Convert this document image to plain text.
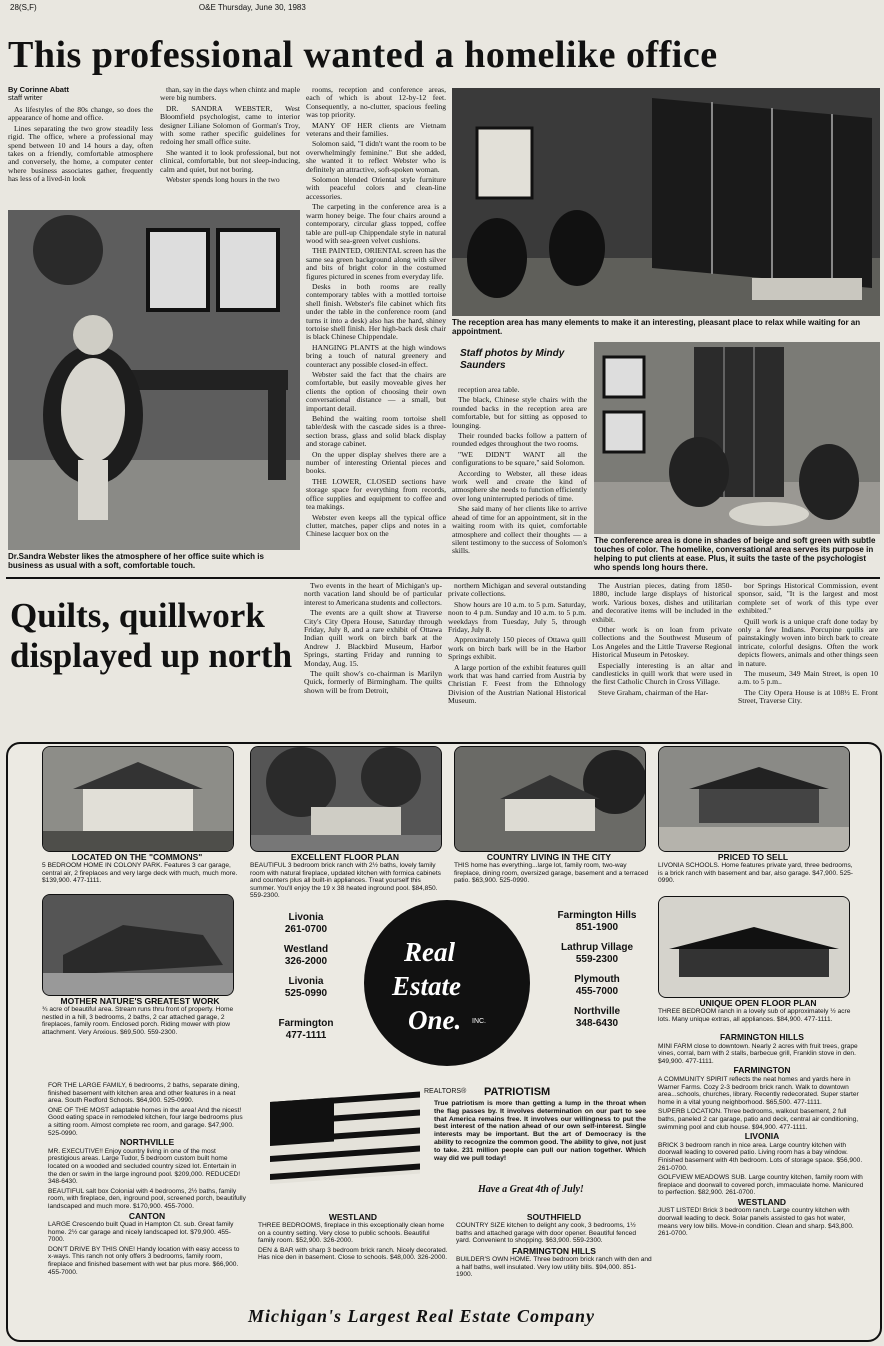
28(S,F)	O&E Thursday, June 30, 1983
This professional wanted a homelike office
By Corinne Abatt
staff writer

As lifestyles of the 80s change, so does the appearance of home and office.

Lines separating the two grow steadily less rigid. The office, where a professional may spend between 10 and 14 hours a day, often takes on a friendly, comfortable atmosphere and conversely, the home, a computer center where business associates gather, frequently has less of a lived-in look

than, say in the days when chintz and maple were big numbers.

DR. SANDRA WEBSTER, West Bloomfield psychologist, came to interior designer Liliane Solomon of Gorman's Troy, with some rather specific guidelines for redoing her small office suite.

She wanted it to look professional, but not clinical, comfortable, but not sleep-inducing, calm and quiet, but not boring.

Webster spends long hours in the two

rooms, reception and conference areas, each of which is about 12-by-12 feet. Consequently, a no-clutter, spacious feeling was top priority.

MANY OF HER clients are Vietnam veterans and their families.

Solomon said, "I didn't want the room to be overwhelmingly feminine." But she added, she wanted it to reflect Webster who is definitely an attractive, soft-spoken woman.

Solomon blended Oriental style furniture with peaceful colors and clean-line accessories.

The carpeting in the conference area is a warm honey beige. The four chairs around a contemporary, circular glass topped, coffee table are pull-up Chippendale style in natural wood with sea-green velvet cushions.

THE PAINTED, ORIENTAL screen has the same sea green background along with silver and bits of bright color in the costumed figures pictured in scenes from everyday life.

Desks in both rooms are really contemporary tables with a mottled tortoise shell finish. Webster's file cabinet which fits under the table in the conference room (and turns it into a desk) also has the hard, shiney tortoise shell finish. Her high-back desk chair is black Chinese Chippendale.

HANGING PLANTS at the high windows bring a touch of natural greenery and counteract any possible closed-in effect.

Webster said the fact that the chairs are comfortable, but easily moveable gives her clients the option of choosing their own conversational distance — a small, but important detail.

Behind the waiting room tortoise shell table/desk with the cascade sides is a three-section brass, glass and solid black display and storage cabinet.

On the upper display shelves there are a number of interesting Oriental pieces and books.

THE LOWER, CLOSED sections have storage space for everything from records, office supplies and equipment to coffee and tea makings.

Webster even keeps all the typical office clutter, matches, paper clips and notes in a Chinese lacquer box on the

reception area table.

The black, Chinese style chairs with the rounded backs in the reception area are comfortable, but for sitting as opposed to lounging.

Their rounded backs follow a pattern of rounded edges throughout the two rooms.

"WE DIDN'T WANT all the configurations to be square," said Solomon.

According to Webster, all these ideas work well and create the kind of atmosphere she needs to function efficiently over long uninterrupted periods of time.

She said many of her clients like to arrive ahead of time for an appointment, sit in the waiting room with its quiet, comfortable atmosphere and collect their thoughts — a silent testimony to the success of Solomon's skills.

Dr.Sandra Webster likes the atmosphere of her office suite which is business as usual with a soft, comfortable touch.
The reception area has many elements to make it an interesting, pleasant place to relax while waiting for an appointment.
Staff photos by Mindy Saunders
The conference area is done in shades of beige and soft green with subtle touches of color. The homelike, conversational area serves its purpose in helping to put clients at ease. Plus, it suits the taste of the psychologist who spends long hours there.
Quilts, quillwork displayed up north

Two events in the heart of Michigan's up-north vacation land should be of particular interest to Americana students and collectors.

The events are a quilt show at Traverse City's City Opera House, Saturday through Friday, July 8, and a rare exhibit of Ottawa Indian quill work on birch bark at the Andrew J. Blackbird Museum, Harbor Springs, starting Friday and running to Monday, Aug. 15.

The quilt show's co-chairman is Marilyn Quick, formerly of Birmingham. The quilts shown will be from Detroit,

northern Michigan and several outstanding private collections.

Show hours are 10 a.m. to 5 p.m. Saturday, noon to 4 p.m. Sunday and 10 a.m. to 5 p.m. weekdays from Tuesday, July 5, through Friday, July 8.

Approximately 150 pieces of Ottawa quill work on birch bark will be in the Harbor Springs exhibit.

A large portion of the exhibit features quill work that was hand carried from Austria by Christian F. Feest from the Ethnology Division of the Austrian National Historical Museum.

The Austrian pieces, dating from 1850-1880, include large displays of historical work. Various boxes, dishes and utilitarian and decorative items will be included in the exhibit.

Other work is on loan from private collections and the Southwest Museum of Los Angeles and the Little Traverse Regional Historical Museum in Petoskey.

Especially interesting is an altar and candlesticks in quill work that were used in the first Catholic Church in Cross Village.

Steve Graham, chairman of the Har-

bor Springs Historical Commission, event sponsor, said, "It is the largest and most complete set of work of this type ever exhibited."

Quill work is a unique craft done today by only a few Indians. Porcupine quills are painstakingly woven into birch bark to create intricate, colorful designs. Often the work depicts flowers, animals and other things seen in nature.

The museum, 349 Main Street, is open 10 a.m. to 5 p.m..

The City Opera House is at 108½ E. Front Street, Traverse City.

LOCATED ON THE "COMMONS"
5 BEDROOM HOME IN COLONY PARK. Features 3 car garage, central air, 2 fireplaces and very large deck with much, much more. $139,900. 477-1111.
EXCELLENT FLOOR PLAN
BEAUTIFUL 3 bedroom brick ranch with 2½ baths, lovely family room with natural fireplace, updated kitchen with formica cabinets and counters plus all built-in appliances. Treat yourself this summer. You'll enjoy the 19 x 38 heated inground pool. $84,850. 559-2300.
COUNTRY LIVING IN THE CITY
THIS home has everything...large lot, family room, two-way fireplace, dining room, oversized garage, basement and a terraced patio. $63,900. 525-0990.
PRICED TO SELL
LIVONIA SCHOOLS. Home features private yard, three bedrooms, is a brick ranch with basement and bar, also garage. $47,900. 525-0990.
MOTHER NATURE'S GREATEST WORK
¾ acre of beautiful area. Stream runs thru front of property. Home nestled in a hill, 3 bedrooms, 2 baths, 2 car attached garage, 2 fireplaces, family room. Enclosed porch. Riding mower with plow attachment. Very Anxious. $69,500. 559-2300.
Livonia
261-0700
Westland
326-2000
Livonia
525-0990
Farmington
477-1111
Real
Estate
One. INC.
REALTORS®
Farmington Hills
851-1900
Lathrup Village
559-2300
Plymouth
455-7000
Northville
348-6430
UNIQUE OPEN FLOOR PLAN
THREE BEDROOM ranch in a lovely sub of approximately ½ acre lots. Many unique extras, all appliances. $84,900. 477-1111.

FOR THE LARGE FAMILY, 6 bedrooms, 2 baths, separate dining, finished basement with kitchen area and other features in a neat area. South Redford Schools. $64,900. 525-0990.

ONE OF THE MOST adaptable homes in the area! And the nicest! Good eating space in remodeled kitchen, four large bedrooms plus a sitting room. Almost complete rec room, and garage. $47,900. 525-0990.

NORTHVILLE

MR. EXECUTIVE!! Enjoy country living in one of the most prestigious areas. Large Tudor, 5 bedroom custom built home located on a wooded and secluded country sized lot. Entertain in the den or swim in the large inground pool. $209,000. REDUCED! 348-6430.

BEAUTIFUL salt box Colonial with 4 bedrooms, 2½ baths, family room, with fireplace, den, inground pool, screened porch, beautifully landscaped and much more. $170,900. 455-7000.

CANTON

LARGE Crescendo built Quad in Hampton Ct. sub. Great family home. 2½ car garage and nicely landscaped lot. $79,900. 455-7000.

DON'T DRIVE BY THIS ONE! Handy location with easy access to x-ways. This ranch not only offers 3 bedrooms, family room, fireplace and finished basement with wet bar plus more. $66,900. 455-7000.

PATRIOTISM
True patriotism is more than getting a lump in the throat when the flag passes by. It involves determination on our part to see that America remains free. It involves our willingness to put the best interest of the nation ahead of our own self-interest. Single interests may be important. But the art of Democracy is the ability to recognize the common good. The ability to give, not just to take. 231 million people can pull our nation together. Which way did we pull today!
Have a Great 4th of July!
WESTLAND

THREE BEDROOMS, fireplace in this exceptionally clean home on a country setting. Very close to public schools. Beautiful family room. $52,900. 326-2000.

DEN & BAR with sharp 3 bedroom brick ranch. Nicely decorated. Has nice den in basement. Close to schools. $48,000. 326-2000.

SOUTHFIELD

COUNTRY SIZE kitchen to delight any cook, 3 bedrooms, 1½ baths and attached garage with door opener. Beautiful fenced yard. Convenient to shopping. $63,900. 559-2300.

FARMINGTON HILLS

BUILDER'S OWN HOME. Three bedroom brick ranch with den and a half baths, well insulated. Very low utility bills. $94,000. 851-1900.

FARMINGTON HILLS

MINI FARM close to downtown. Nearly 2 acres with fruit trees, grape vines, corral, barn with 2 stalls, barbecue grill, Franklin stove in den. $49,900. 477-1111.

FARMINGTON

A COMMUNITY SPIRIT reflects the neat homes and yards here in Warner Farms. Cozy 2-3 bedroom brick ranch. Walk to downtown area...schools, churches, library. Recently redecorated. Super starter home in a vital young neighborhood. $65,500. 477-1111.

SUPERB LOCATION. Three bedrooms, walkout basement, 2 full baths, paneled 2 car garage, patio and deck, central air conditioning, swimming pool and club house. $94,900. 477-1111.

LIVONIA

BRICK 3 bedroom ranch in nice area. Large country kitchen with doorwall leading to covered patio. Living room has a bay window. Finished basement with 4th bedroom. Lots of storage space. $56,900. 261-0700.

GOLFVIEW MEADOWS SUB. Large country kitchen, family room with fireplace and doorwall to covered porch, immaculate home. Manicured to perfection. $82,900. 261-0700.

WESTLAND

JUST LISTED! Brick 3 bedroom ranch. Large country kitchen with doorwall leading to deck. Solar panels assisted to gas hot water, means very low bills. Move-in condition. Clean and sharp. $43,800. 261-0700.

Michigan's Largest Real Estate Company
